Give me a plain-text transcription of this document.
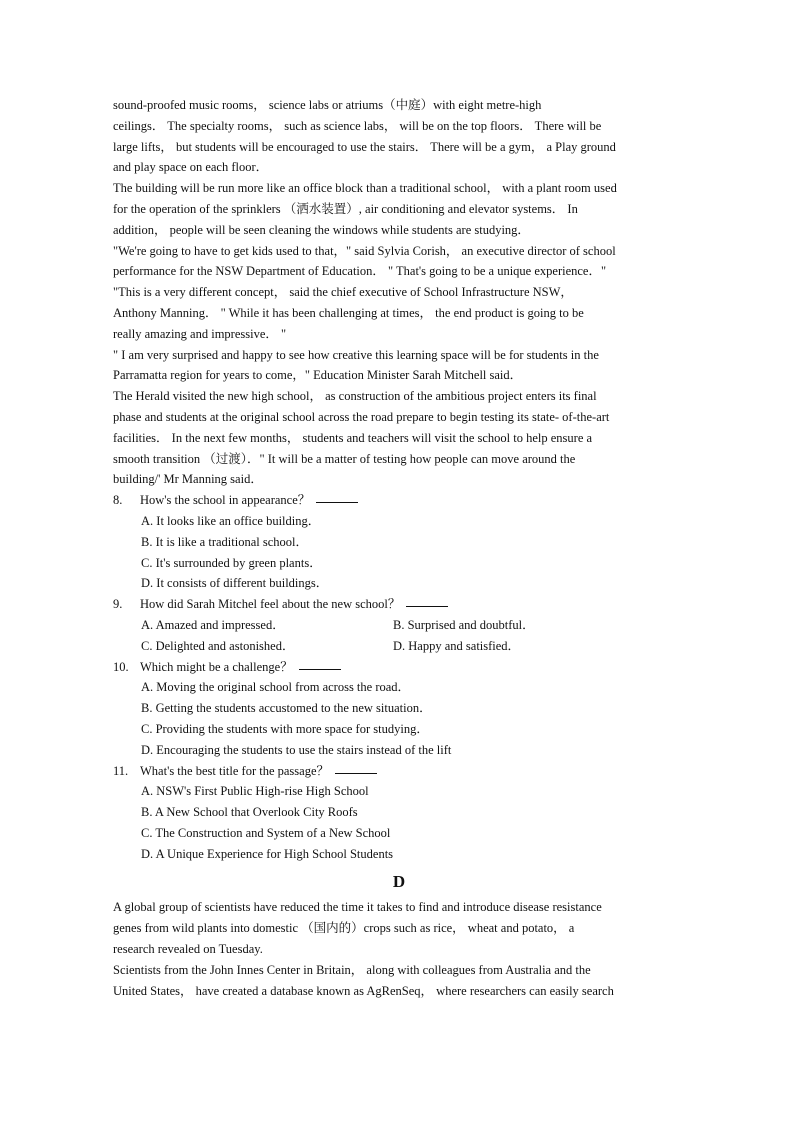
sound-proofed music rooms， science labs or atriums（中庭）with eight metre-high
ceilings． The specialty rooms， such as science labs， will be on the top floors． There will be
large lifts， but students will be encouraged to use the stairs． There will be a gym， a Play ground
and play space on each floor．
The building will be run more like an office block than a traditional school， with a plant room used
for the operation of the sprinklers （洒水装置）, air conditioning and elevator systems． In
addition， people will be seen cleaning the windows while students are studying．
"We're going to have to get kids used to that，" said Sylvia Corish， an executive director of school
performance for the NSW Department of Education． " That's going to be a unique experience．"
"This is a very different concept， said the chief executive of School Infrastructure NSW，
Anthony Manning． " While it has been challenging at times， the end product is going to be
really amazing and impressive． "
" I am very surprised and happy to see how creative this learning space will be for students in the
Parramatta region for years to come，" Education Minister Sarah Mitchell said．
The Herald visited the new high school， as construction of the ambitious project enters its final
phase and students at the original school across the road prepare to begin testing its state- of-the-art
facilities． In the next few months， students and teachers will visit the school to help ensure a
smooth transition （过渡）．" It will be a matter of testing how people can move around the
building/' Mr Manning said．
8.	How's the school in appearance？
A. It looks like an office building．
B. It is like a traditional school．
C. It's surrounded by green plants．
D. It consists of different buildings．
9.	How did Sarah Mitchel feel about the new school？
A. Amazed and impressed．	B. Surprised and doubtful．
C. Delighted and astonished．	D. Happy and satisfied．
10. Which might be a challenge？
A. Moving the original school from across the road．
B. Getting the students accustomed to the new situation．
C. Providing the students with more space for studying．
D. Encouraging the students to use the stairs instead of the lift
11. What's the best title for the passage？
A. NSW's First Public High-rise High School
B. A New School that Overlook City Roofs
C. The Construction and System of a New School
D. A Unique Experience for High School Students
D
A global group of scientists have reduced the time it takes to find and introduce disease resistance
genes from wild plants into domestic （国内的）crops such as rice， wheat and potato， a
research revealed on Tuesday.
Scientists from the John Innes Center in Britain， along with colleagues from Australia and the
United States， have created a database known as AgRenSeq， where researchers can easily search
